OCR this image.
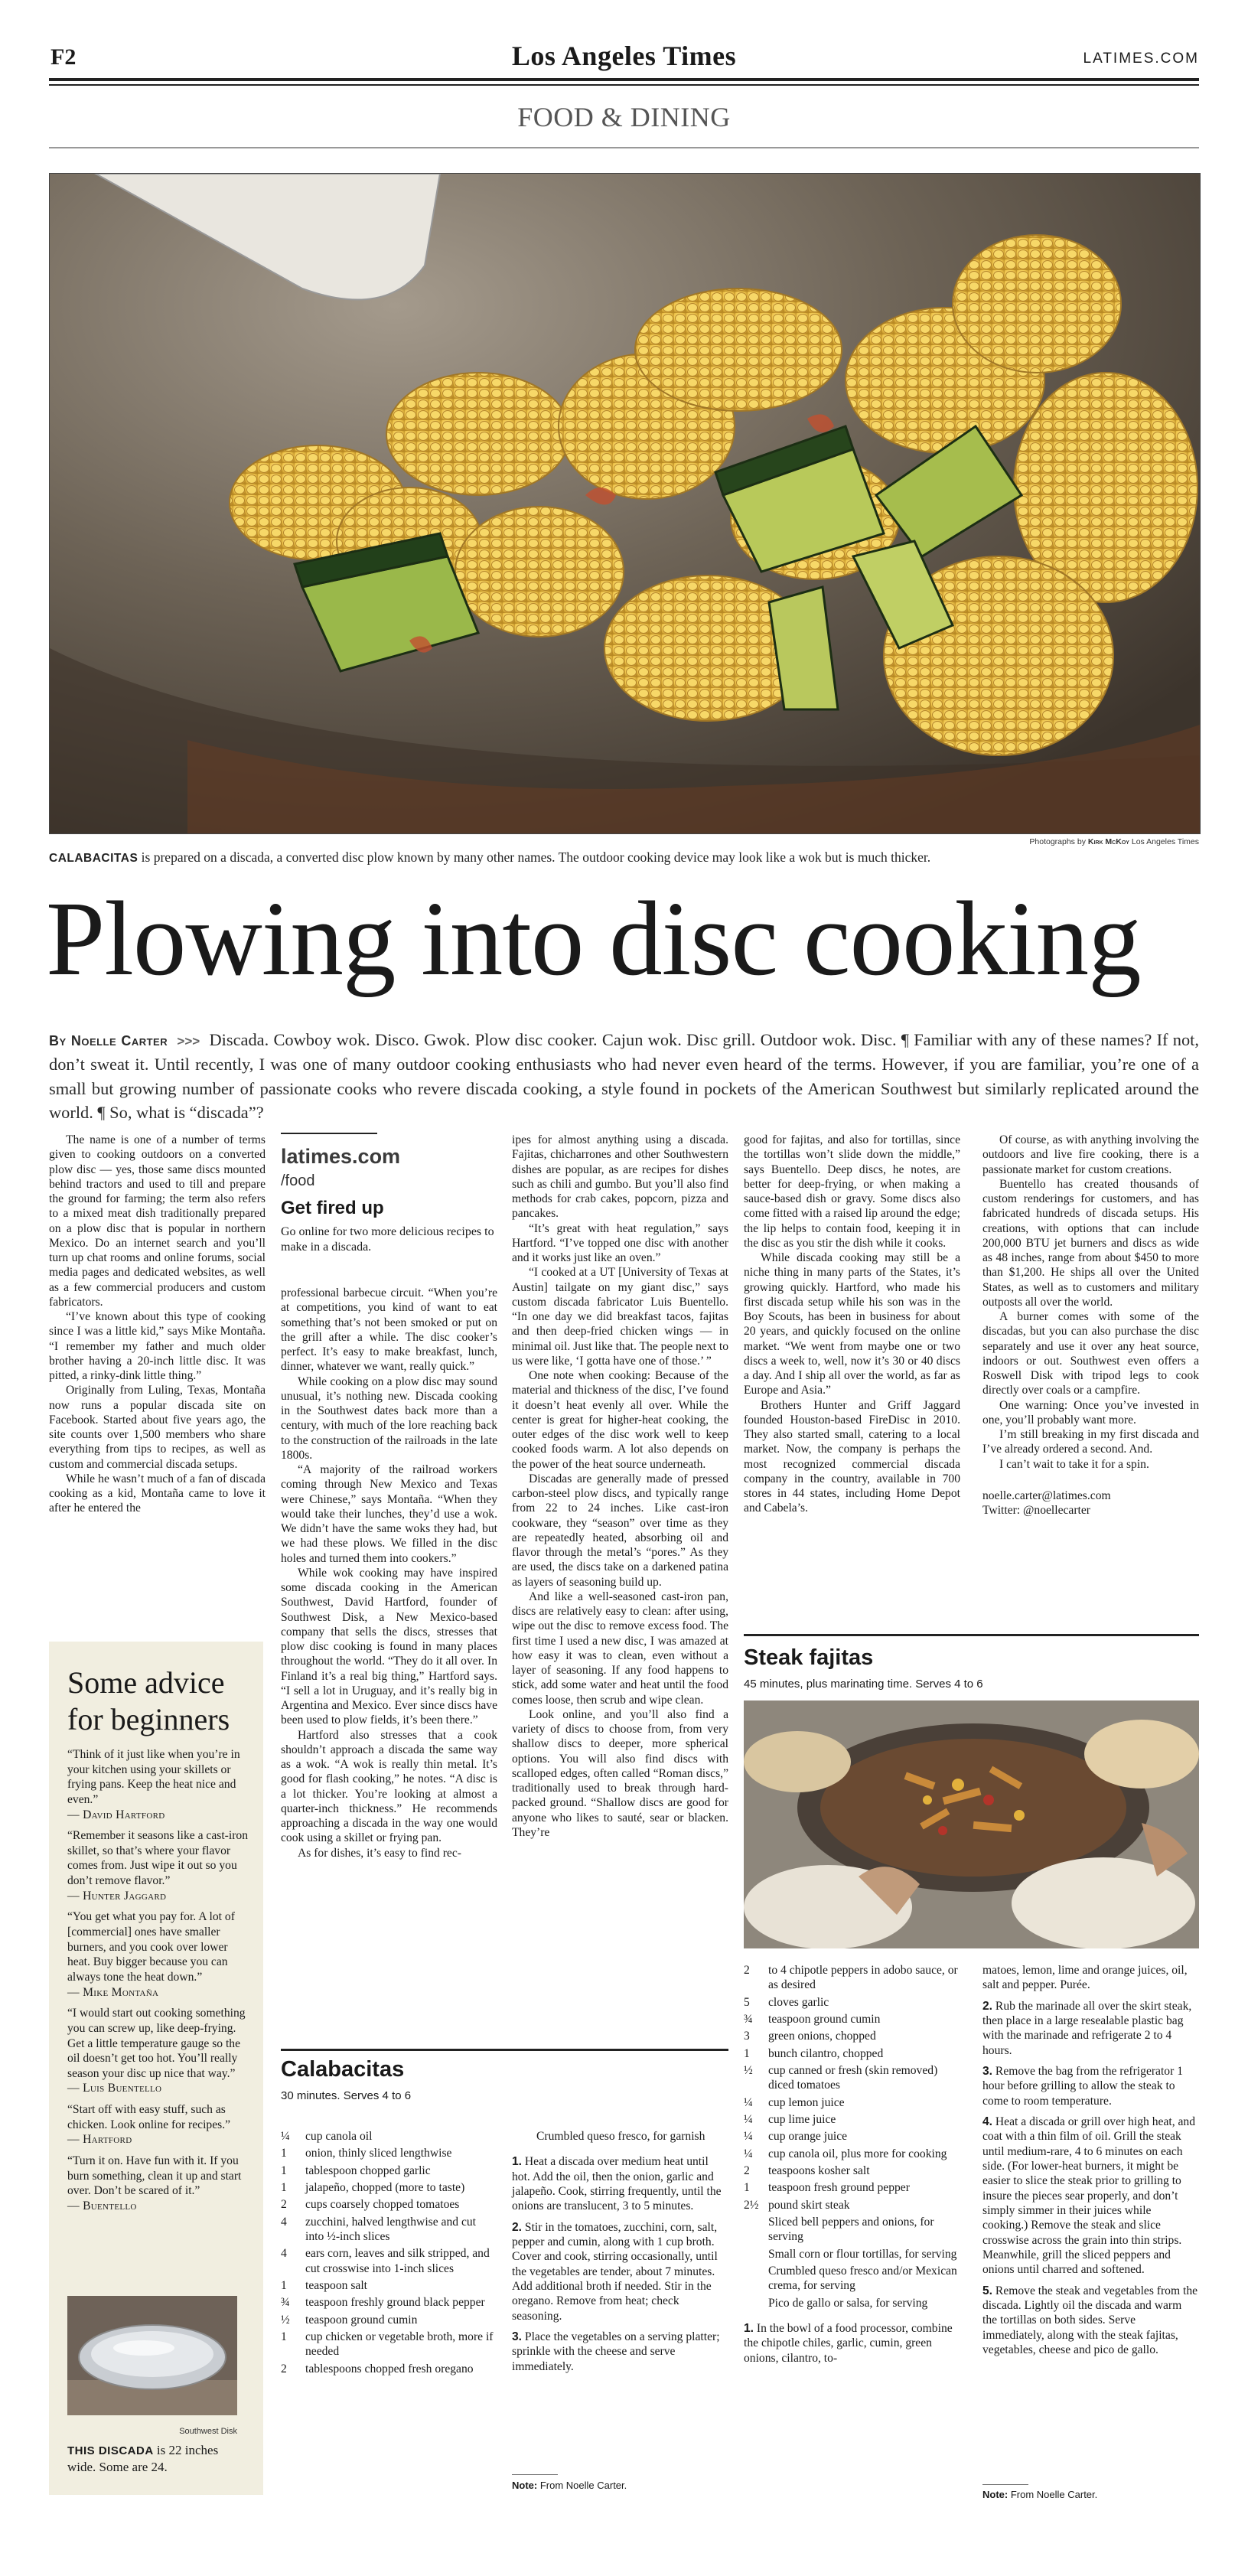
F2	Los Angeles Times	LATIMES.COM
FOOD & DINING
Photographs by Kirk McKoy Los Angeles Times
CALABACITAS is prepared on a discada, a converted disc plow known by many other names. The outdoor cooking device may look like a wok but is much thicker.
Plowing into disc cooking
By Noelle Carter >>> Discada. Cowboy wok. Disco. Gwok. Plow disc cooker. Cajun wok. Disc grill. Outdoor wok. Disc. ¶ Familiar with any of these names? If not, don’t sweat it. Until recently, I was one of many outdoor cooking enthusiasts who had never even heard of the terms. However, if you are familiar, you’re one of a small but growing number of passionate cooks who revere discada cooking, a style found in pockets of the American Southwest but similarly replicated around the world. ¶ So, what is “discada”?

The name is one of a number of terms given to cooking outdoors on a converted plow disc — yes, those same discs mounted behind tractors and used to till and prepare the ground for farming; the term also refers to a mixed meat dish traditionally prepared on a plow disc that is popular in northern Mexico. Do an internet search and you’ll turn up chat rooms and online forums, social media pages and dedicated websites, as well as a few commercial producers and custom fabricators.

“I’ve known about this type of cooking since I was a little kid,” says Mike Montaña. “I remember my father and much older brother having a 20-inch little disc. It was pitted, a rinky-dink little thing.”

Originally from Luling, Texas, Montaña now runs a popular discada site on Facebook. Started about five years ago, the site counts over 1,500 members who share everything from tips to recipes, as well as custom and commercial discada setups.

While he wasn’t much of a fan of discada cooking as a kid, Montaña came to love it after he entered the

Some advice
for beginners
“Think of it just like when you’re in your kitchen using your skillets or frying pans. Keep the heat nice and even.”
— David Hartford
“Remember it seasons like a cast-iron skillet, so that’s where your flavor comes from. Just wipe it out so you don’t remove flavor.”
— Hunter Jaggard
“You get what you pay for. A lot of [commercial] ones have smaller burners, and you cook over lower heat. Buy bigger because you can always tone the heat down.”
— Mike Montaña
“I would start out cooking something you can screw up, like deep-frying. Get a little temperature gauge so the oil doesn’t get too hot. You’ll really season your disc up nice that way.”
— Luis Buentello
“Start off with easy stuff, such as chicken. Look online for recipes.”
— Hartford
“Turn it on. Have fun with it. If you burn something, clean it up and start over. Don’t be scared of it.”
— Buentello
Southwest Disk
THIS DISCADA is 22 inches wide. Some are 24.
latimes.com
/food
Get fired up
Go online for two more delicious recipes to make in a discada.

professional barbecue circuit. “When you’re at competitions, you kind of want to eat something that’s not been smoked or put on the grill after a while. The disc cooker’s perfect. It’s easy to make breakfast, lunch, dinner, whatever we want, really quick.”

While cooking on a plow disc may sound unusual, it’s nothing new. Discada cooking in the Southwest dates back more than a century, with much of the lore reaching back to the construction of the railroads in the late 1800s.

“A majority of the railroad workers coming through New Mexico and Texas were Chinese,” says Montaña. “When they would take their lunches, they’d use a wok. We didn’t have the same woks they had, but we had these plows. We filled in the disc holes and turned them into cookers.”

While wok cooking may have inspired some discada cooking in the American Southwest, David Hartford, founder of Southwest Disk, a New Mexico-based company that sells the discs, stresses that plow disc cooking is found in many places throughout the world. “They do it all over. In Finland it’s a real big thing,” Hartford says. “I sell a lot in Uruguay, and it’s really big in Argentina and Mexico. Ever since discs have been used to plow fields, it’s been there.”

Hartford also stresses that a cook shouldn’t approach a discada the same way as a wok. “A wok is really thin metal. It’s good for flash cooking,” he notes. “A disc is a lot thicker. You’re looking at almost a quarter-inch thickness.” He recommends approaching a discada in the way one would cook using a skillet or frying pan.

As for dishes, it’s easy to find rec-

ipes for almost anything using a discada. Fajitas, chicharrones and other Southwestern dishes are popular, as are recipes for dishes such as chili and gumbo. But you’ll also find methods for crab cakes, popcorn, pizza and pancakes.

“It’s great with heat regulation,” says Hartford. “I’ve topped one disc with another and it works just like an oven.”

“I cooked at a UT [University of Texas at Austin] tailgate on my giant disc,” says custom discada fabricator Luis Buentello. “In one day we did breakfast tacos, fajitas and then deep-fried chicken wings — in minimal oil. Just like that. The people next to us were like, ‘I gotta have one of those.’ ”

One note when cooking: Because of the material and thickness of the disc, I’ve found it doesn’t heat evenly all over. While the center is great for higher-heat cooking, the outer edges of the disc work well to keep cooked foods warm. A lot also depends on the power of the heat source underneath.

Discadas are generally made of pressed carbon-steel plow discs, and typically range from 22 to 24 inches. Like cast-iron cookware, they “season” over time as they are repeatedly heated, absorbing oil and flavor through the metal’s “pores.” As they are used, the discs take on a darkened patina as layers of seasoning build up.

And like a well-seasoned cast-iron pan, discs are relatively easy to clean: after using, wipe out the disc to remove excess food. The first time I used a new disc, I was amazed at how easy it was to clean, even without a layer of seasoning. If any food happens to stick, add some water and heat until the food comes loose, then scrub and wipe clean.

Look online, and you’ll also find a variety of discs to choose from, from very shallow discs to deeper, more spherical options. You will also find discs with scalloped edges, often called “Roman discs,” traditionally used to break through hard-packed ground. “Shallow discs are good for anyone who likes to sauté, sear or blacken. They’re

good for fajitas, and also for tortillas, since the tortillas won’t slide down the middle,” says Buentello. Deep discs, he notes, are better for deep-frying, or when making a sauce-based dish or gravy. Some discs also come fitted with a raised lip around the edge; the lip helps to contain food, keeping it in the disc as you stir the dish while it cooks.

While discada cooking may still be a niche thing in many parts of the States, it’s growing quickly. Hartford, who made his first discada setup while his son was in the Boy Scouts, has been in business for about 20 years, and quickly focused on the online market. “We went from maybe one or two discs a week to, well, now it’s 30 or 40 discs a day. And I ship all over the world, as far as Europe and Asia.”

Brothers Hunter and Griff Jaggard founded Houston-based FireDisc in 2010. They also started small, catering to a local market. Now, the company is perhaps the most recognized commercial discada company in the country, available in 700 stores in 44 states, including Home Depot and Cabela’s.

Of course, as with anything involving the outdoors and live fire cooking, there is a passionate market for custom creations.

Buentello has created thousands of custom renderings for customers, and has fabricated hundreds of discada setups. His creations, with options that can include 200,000 BTU jet burners and discs as wide as 48 inches, range from about $450 to more than $1,200. He ships all over the United States, as well as to customers and military outposts all over the world.

A burner comes with some of the discadas, but you can also purchase the disc separately and use it over any heat source, indoors or out. Southwest even offers a Roswell Disk with tripod legs to cook directly over coals or a campfire.

One warning: Once you’ve invested in one, you’ll probably want more.

I’m still breaking in my first discada and I’ve already ordered a second. And.

I can’t wait to take it for a spin.

noelle.carter@latimes.com

Twitter: @noellecarter

Steak fajitas
45 minutes, plus marinating time. Serves 4 to 6
2	to 4 chipotle peppers in adobo sauce, or as desired
5	cloves garlic
¾	teaspoon ground cumin
3	green onions, chopped
1	bunch cilantro, chopped
½	cup canned or fresh (skin removed) diced tomatoes
¼	cup lemon juice
¼	cup lime juice
¼	cup orange juice
¼	cup canola oil, plus more for cooking
2	teaspoons kosher salt
1	teaspoon fresh ground pepper
2½ pound skirt steak
Sliced bell peppers and onions, for serving
Small corn or flour tortillas, for serving
Crumbled queso fresco and/or Mexican crema, for serving
Pico de gallo or salsa, for serving
1. In the bowl of a food processor, combine the chipotle chiles, garlic, cumin, green onions, cilantro, to-
matoes, lemon, lime and orange juices, oil, salt and pepper. Purée.
2. Rub the marinade all over the skirt steak, then place in a large resealable plastic bag with the marinade and refrigerate 2 to 4 hours.
3. Remove the bag from the refrigerator 1 hour before grilling to allow the steak to come to room temperature.
4. Heat a discada or grill over high heat, and coat with a thin film of oil. Grill the steak until medium-rare, 4 to 6 minutes on each side. (For lower-heat burners, it might be easier to slice the steak prior to grilling to insure the pieces sear properly, and don’t simply simmer in their juices while cooking.) Remove the steak and slice crosswise across the grain into thin strips. Meanwhile, grill the sliced peppers and onions until charred and softened.
5. Remove the steak and vegetables from the discada. Lightly oil the discada and warm the tortillas on both sides. Serve immediately, along with the steak fajitas, vegetables, cheese and pico de gallo.
Note: From Noelle Carter.
Calabacitas
30 minutes. Serves 4 to 6
¼	cup canola oil
1	onion, thinly sliced lengthwise
1	tablespoon chopped garlic
1	jalapeño, chopped (more to taste)
2	cups coarsely chopped tomatoes
4	zucchini, halved lengthwise and cut into ½-inch slices
4	ears corn, leaves and silk stripped, and cut crosswise into 1-inch slices
1	teaspoon salt
¾	teaspoon freshly ground black pepper
½	teaspoon ground cumin
1	cup chicken or vegetable broth, more if needed
2	tablespoons chopped fresh oregano
Crumbled queso fresco, for garnish
1. Heat a discada over medium heat until hot. Add the oil, then the onion, garlic and jalapeño. Cook, stirring frequently, until the onions are translucent, 3 to 5 minutes.
2. Stir in the tomatoes, zucchini, corn, salt, pepper and cumin, along with 1 cup broth. Cover and cook, stirring occasionally, until the vegetables are tender, about 7 minutes. Add additional broth if needed. Stir in the oregano. Remove from heat; check seasoning.
3. Place the vegetables on a serving platter; sprinkle with the cheese and serve immediately.
Note: From Noelle Carter.
